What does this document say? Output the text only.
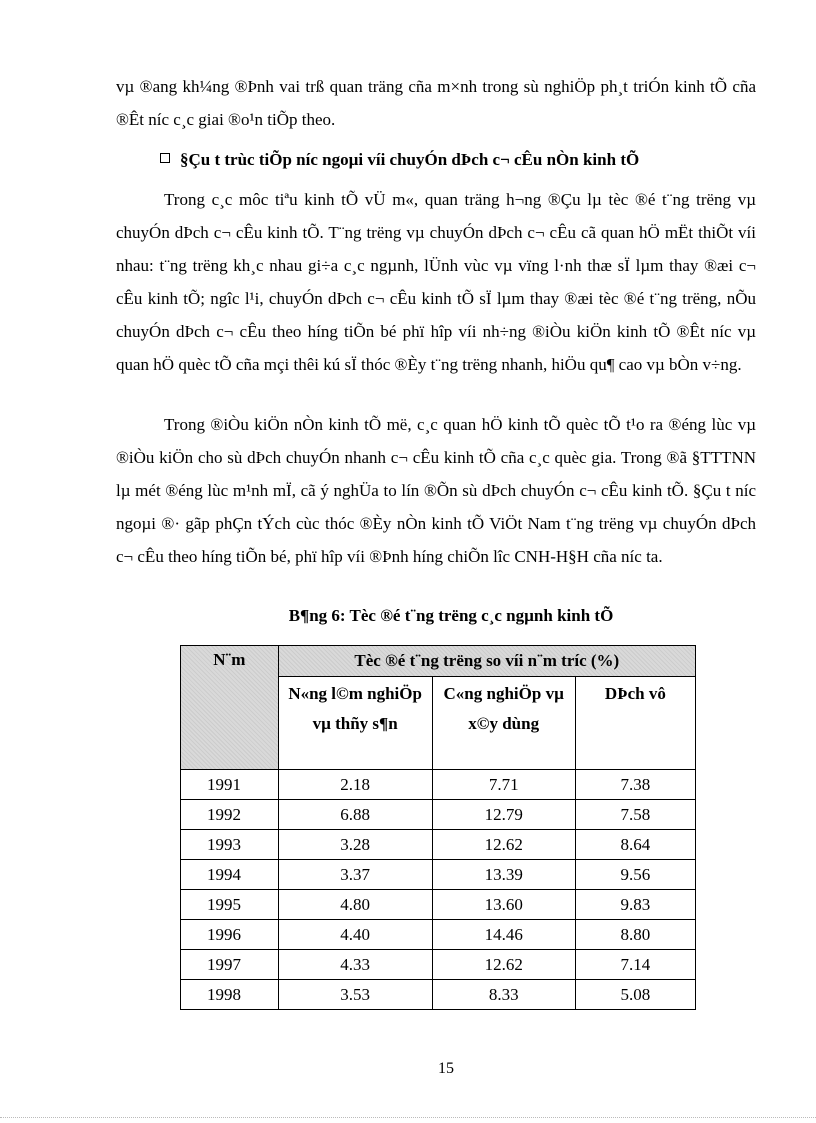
vµ ®ang kh¼ng ®Þnh vai trß quan träng cña m×nh trong sù nghiÖp ph¸t triÓn kinh tÕ cña ®Êt níc c¸c giai ®o¹n tiÕp theo.

§Çu t trùc tiÕp níc ngoµi víi chuyÓn dÞch c¬ cÊu nÒn kinh tÕ

Trong c¸c môc tiªu kinh tÕ vÜ m«, quan träng h¬ng ®Çu lµ tèc ®é t¨ng trëng vµ chuyÓn dÞch c¬ cÊu kinh tÕ. T¨ng trëng vµ chuyÓn dÞch c¬ cÊu cã quan hÖ mËt thiÕt víi nhau: t¨ng trëng kh¸c nhau gi÷a c¸c ngµnh, lÜnh vùc vµ vïng l·nh thæ sÏ lµm thay ®æi c¬ cÊu kinh tÕ; ngîc l¹i, chuyÓn dÞch c¬ cÊu kinh tÕ sÏ lµm thay ®æi tèc ®é t¨ng trëng, nÕu chuyÓn dÞch c¬ cÊu theo híng tiÕn bé phï hîp víi nh÷ng ®iÒu kiÖn kinh tÕ ®Êt níc vµ quan hÖ quèc tÕ cña mçi thêi kú sÏ thóc ®Èy t¨ng trëng nhanh, hiÖu qu¶ cao vµ bÒn v÷ng.

Trong ®iÒu kiÖn nÒn kinh tÕ më, c¸c quan hÖ kinh tÕ quèc tÕ t¹o ra ®éng lùc vµ ®iÒu kiÖn cho sù dÞch chuyÓn nhanh c¬ cÊu kinh tÕ cña c¸c quèc gia. Trong ®ã §TTTNN lµ mét ®éng lùc m¹nh mÏ, cã ý nghÜa to lín ®Õn sù dÞch chuyÓn c¬ cÊu kinh tÕ. §Çu t níc ngoµi ®· gãp phÇn tÝch cùc thóc ®Èy nÒn kinh tÕ ViÖt Nam t¨ng trëng vµ chuyÓn dÞch c¬ cÊu theo híng tiÕn bé, phï hîp víi ®Þnh híng chiÕn lîc CNH-H§H cña níc ta.

B¶ng 6: Tèc ®é t¨ng trëng c¸c ngµnh kinh tÕ
N¨m	Tèc ®é t¨ng trëng so víi n¨m tríc (%)		
	N«ng l©m nghiÖp vµ thñy s¶n	C«ng nghiÖp vµ x©y dùng	DÞch vô
1991	2.18	7.71	7.38
1992	6.88	12.79	7.58
1993	3.28	12.62	8.64
1994	3.37	13.39	9.56
1995	4.80	13.60	9.83
1996	4.40	14.46	8.80
1997	4.33	12.62	7.14
1998	3.53	8.33	5.08
15
